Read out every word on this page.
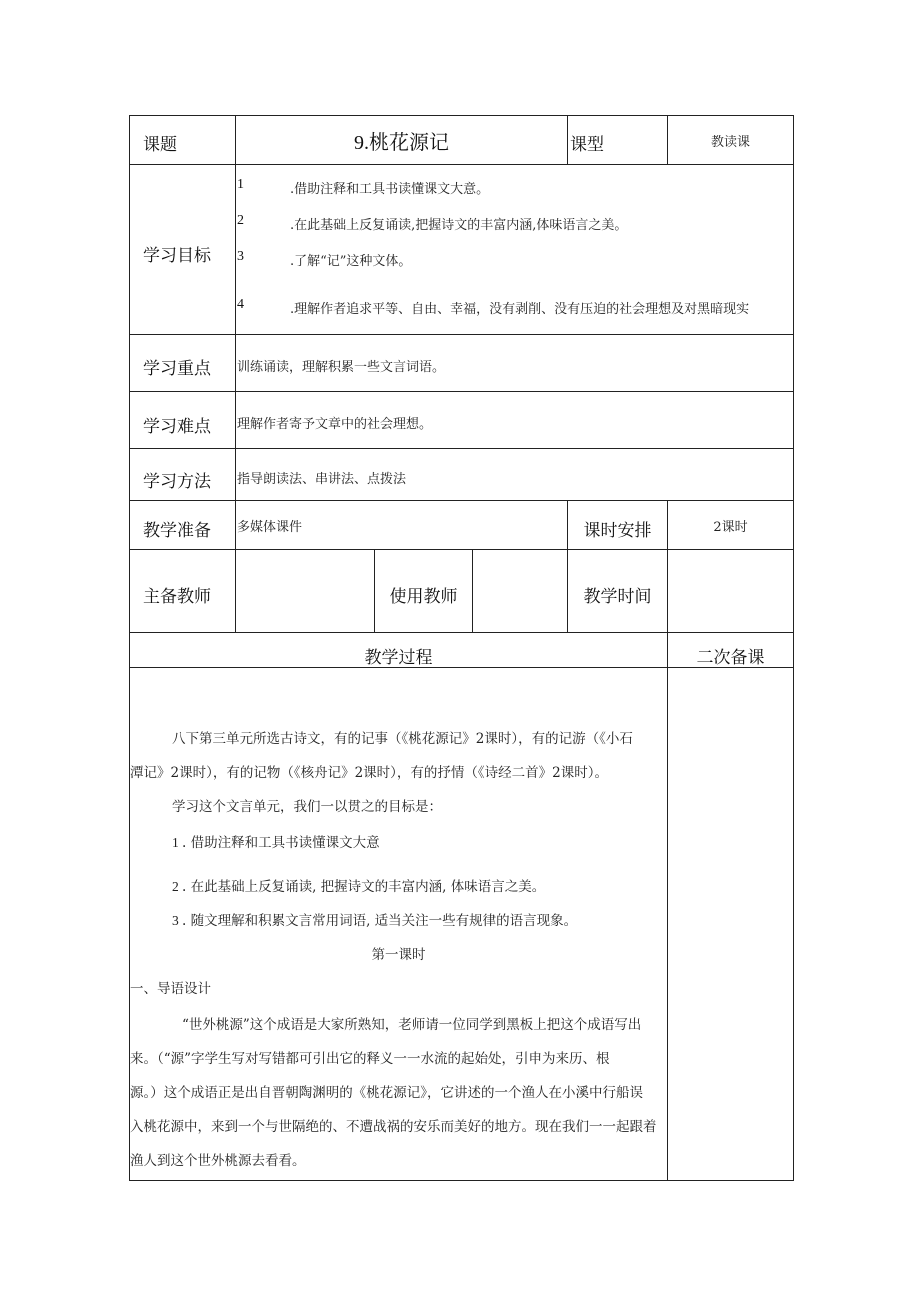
课题	9.桃花源记	课型	教读课
学习目标
1	.借助注释和工具书读懂课文大意。
2	.在此基础上反复诵读,把握诗文的丰富内涵,体味语言之美。
3	.了解“记”这种文体。
4	.理解作者追求平等、自由、幸福，没有剥削、没有压迫的社会理想及对黑暗现实
学习重点 训练诵读，理解积累一些文言词语。
学习难点 理解作者寄予文章中的社会理想。
学习方法 指导朗读法、串讲法、点拨法
教学准备 多媒体课件	课时安排	2课时
主备教师	使用教师	教学时间
教学过程	二次备课
八下第三单元所选古诗文，有的记事（《桃花源记》2课时），有的记游（《小石
潭记》2课时），有的记物（《核舟记》2课时），有的抒情（《诗经二首》2课时）。
学习这个文言单元，我们一以贯之的目标是：
1 . 借助注释和工具书读懂课文大意
2 . 在此基础上反复诵读, 把握诗文的丰富内涵, 体味语言之美。
3 . 随文理解和积累文言常用词语, 适当关注一些有规律的语言现象。
第一课时
一、导语设计
“世外桃源”这个成语是大家所熟知，老师请一位同学到黑板上把这个成语写出
来。（“源”字学生写对写错都可引出它的释义一一水流的起始处，引申为来历、根
源。）这个成语正是出自晋朝陶渊明的《桃花源记》，它讲述的一个渔人在小溪中行船误
入桃花源中，来到一个与世隔绝的、不遭战祸的安乐而美好的地方。现在我们一一起跟着
渔人到这个世外桃源去看看。
